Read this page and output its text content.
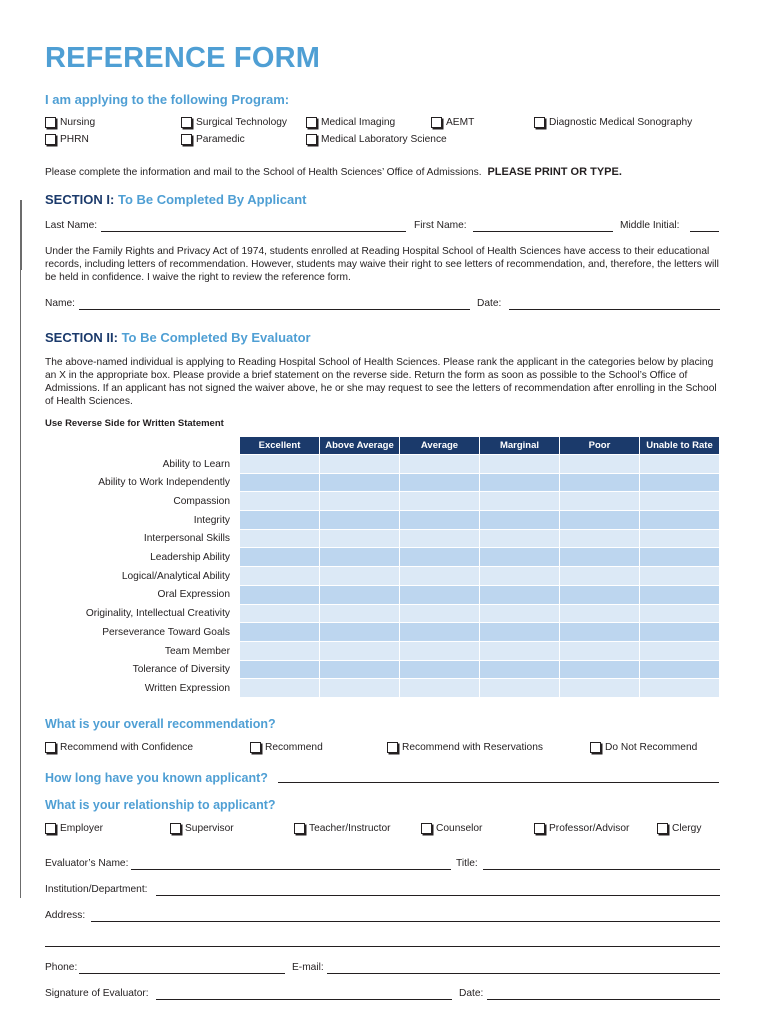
REFERENCE FORM
I am applying to the following Program:
Nursing	Surgical Technology	Medical Imaging	AEMT	Diagnostic Medical Sonography
PHRN	Paramedic	Medical Laboratory Science
Please complete the information and mail to the School of Health Sciences’ Office of Admissions. PLEASE PRINT OR TYPE.
SECTION I: To Be Completed By Applicant
Last Name:	First Name:	Middle Initial:
Under the Family Rights and Privacy Act of 1974, students enrolled at Reading Hospital School of Health Sciences have access to their educational records, including letters of recommendation. However, students may waive their right to see letters of recommendation, and, therefore, the letters will be held in confidence. I waive the right to review the reference form.
Name:	Date:
SECTION II: To Be Completed By Evaluator
The above-named individual is applying to Reading Hospital School of Health Sciences. Please rank the applicant in the categories below by placing an X in the appropriate box. Please provide a brief statement on the reverse side. Return the form as soon as possible to the School’s Office of Admissions. If an applicant has not signed the waiver above, he or she may request to see the letters of recommendation after enrolling in the School of Health Sciences.
Use Reverse Side for Written Statement
Excellent	Above Average	Average	Marginal	Poor	Unable to Rate

Ability to Learn
Ability to Work Independently
Compassion
Integrity
Interpersonal Skills
Leadership Ability
Logical/Analytical Ability
Oral Expression
Originality, Intellectual Creativity
Perseverance Toward Goals
Team Member
Tolerance of Diversity
Written Expression
What is your overall recommendation?
Recommend with Confidence	Recommend	Recommend with Reservations	Do Not Recommend
How long have you known applicant?
What is your relationship to applicant?
Employer	Supervisor	Teacher/Instructor	Counselor	Professor/Advisor	Clergy
Evaluator’s Name:	Title:
Institution/Department:
Address:
Phone:	E-mail:
Signature of Evaluator:	Date:
